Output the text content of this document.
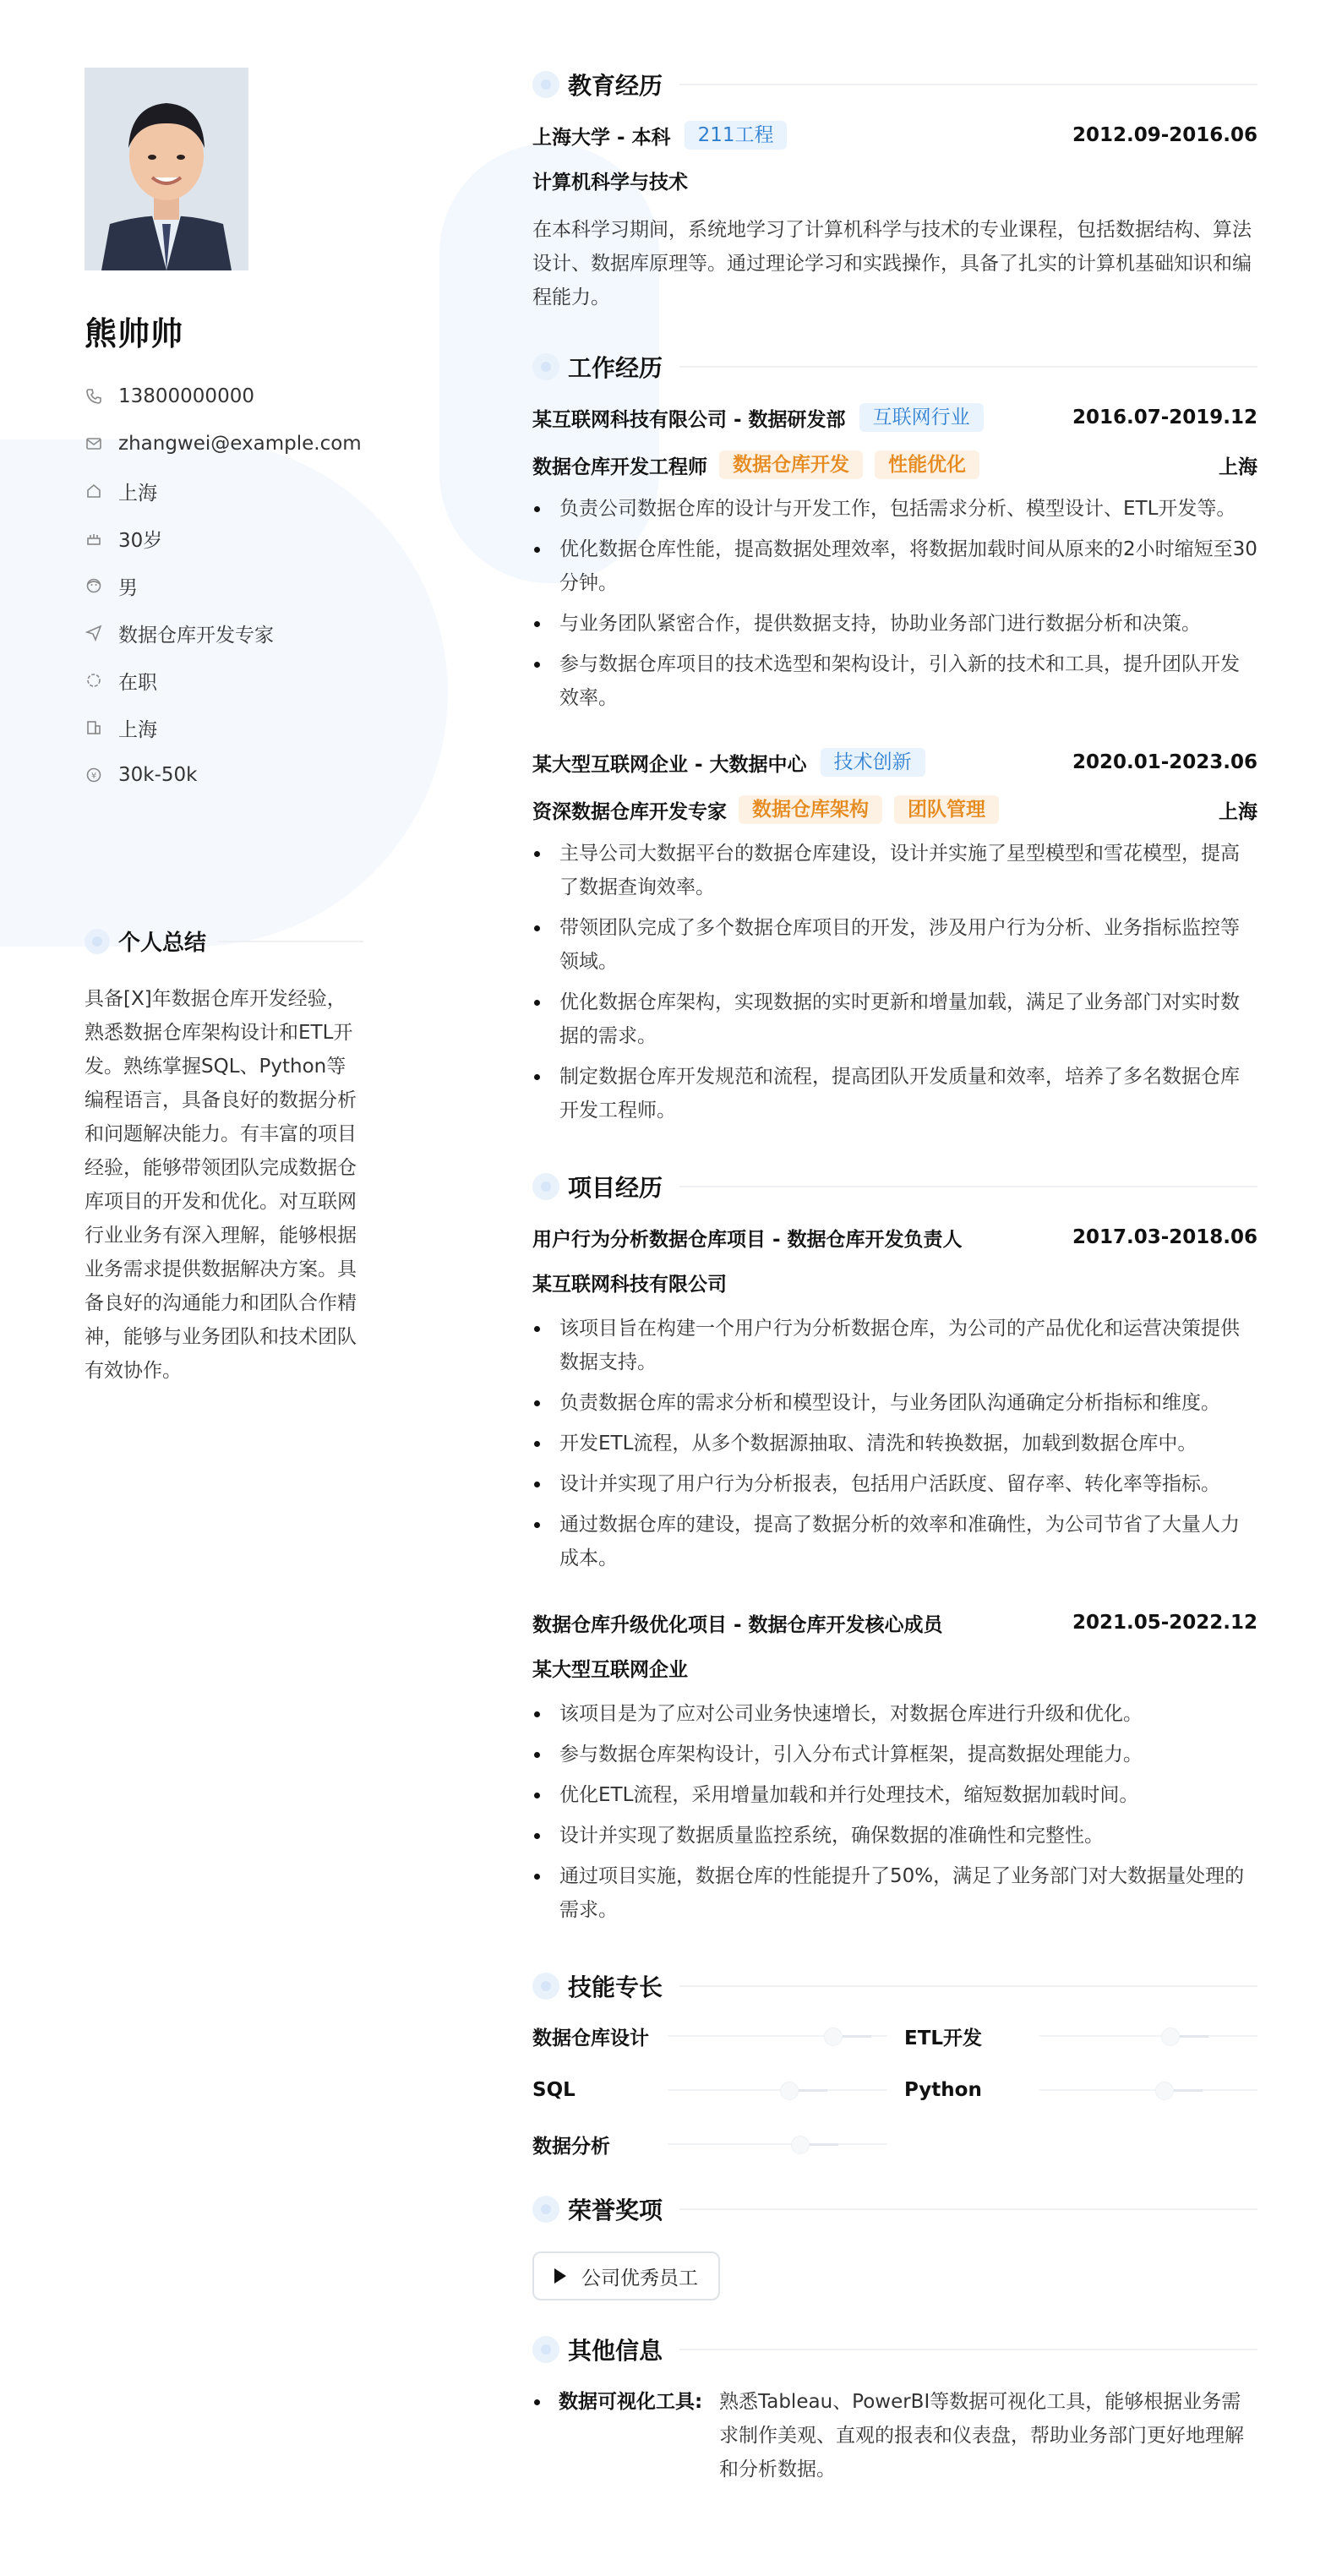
熊帅帅
13800000000
zhangwei@example.com
上海
30岁
男
数据仓库开发专家
在职
上海
¥ 30k-50k
个人总结
具备[X]年数据仓库开发经验，熟悉数据仓库架构设计和ETL开发。熟练掌握SQL、Python等编程语言，具备良好的数据分析和问题解决能力。有丰富的项目经验，能够带领团队完成数据仓库项目的开发和优化。对互联网行业业务有深入理解，能够根据业务需求提供数据解决方案。具备良好的沟通能力和团队合作精神，能够与业务团队和技术团队有效协作。
教育经历
上海大学 - 本科	211工程	2012.09-2016.06
计算机科学与技术
在本科学习期间，系统地学习了计算机科学与技术的专业课程，包括数据结构、算法设计、数据库原理等。通过理论学习和实践操作，具备了扎实的计算机基础知识和编程能力。
工作经历
某互联网科技有限公司 - 数据研发部	互联网行业	2016.07-2019.12
数据仓库开发工程师	数据仓库开发	性能优化	上海
负责公司数据仓库的设计与开发工作，包括需求分析、模型设计、ETL开发等。
优化数据仓库性能，提高数据处理效率，将数据加载时间从原来的2小时缩短至30分钟。
与业务团队紧密合作，提供数据支持，协助业务部门进行数据分析和决策。
参与数据仓库项目的技术选型和架构设计，引入新的技术和工具，提升团队开发效率。
某大型互联网企业 - 大数据中心	技术创新	2020.01-2023.06
资深数据仓库开发专家	数据仓库架构	团队管理	上海
主导公司大数据平台的数据仓库建设，设计并实施了星型模型和雪花模型，提高了数据查询效率。
带领团队完成了多个数据仓库项目的开发，涉及用户行为分析、业务指标监控等领域。
优化数据仓库架构，实现数据的实时更新和增量加载，满足了业务部门对实时数据的需求。
制定数据仓库开发规范和流程，提高团队开发质量和效率，培养了多名数据仓库开发工程师。
项目经历
用户行为分析数据仓库项目 - 数据仓库开发负责人	2017.03-2018.06
某互联网科技有限公司
该项目旨在构建一个用户行为分析数据仓库，为公司的产品优化和运营决策提供数据支持。
负责数据仓库的需求分析和模型设计，与业务团队沟通确定分析指标和维度。
开发ETL流程，从多个数据源抽取、清洗和转换数据，加载到数据仓库中。
设计并实现了用户行为分析报表，包括用户活跃度、留存率、转化率等指标。
通过数据仓库的建设，提高了数据分析的效率和准确性，为公司节省了大量人力成本。
数据仓库升级优化项目 - 数据仓库开发核心成员	2021.05-2022.12
某大型互联网企业
该项目是为了应对公司业务快速增长，对数据仓库进行升级和优化。
参与数据仓库架构设计，引入分布式计算框架，提高数据处理能力。
优化ETL流程，采用增量加载和并行处理技术，缩短数据加载时间。
设计并实现了数据质量监控系统，确保数据的准确性和完整性。
通过项目实施，数据仓库的性能提升了50%，满足了业务部门对大数据量处理的需求。
技能专长
数据仓库设计	ETL开发
SQL	Python
数据分析
荣誉奖项
公司优秀员工
其他信息
数据可视化工具: 熟悉Tableau、PowerBI等数据可视化工具，能够根据业务需求制作美观、直观的报表和仪表盘，帮助业务部门更好地理解和分析数据。
